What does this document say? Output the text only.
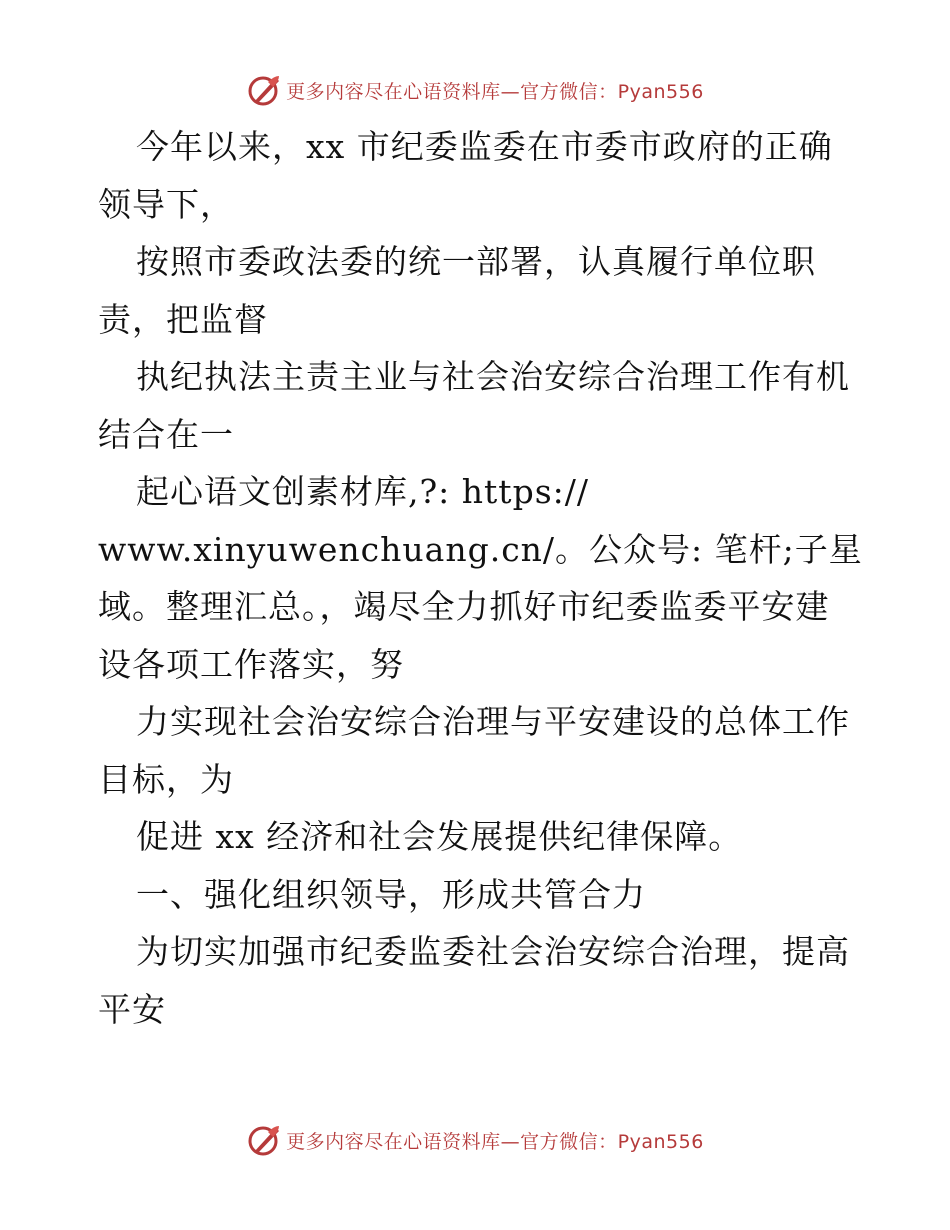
更多内容尽在心语资料库—官方微信：Pyan556
今年以来，xx 市纪委监委在市委市政府的正确
领导下，
按照市委政法委的统一部署，认真履行单位职
责，把监督
执纪执法主责主业与社会治安综合治理工作有机
结合在一
起心语文创素材库,?: https://
www.xinyuwenchuang.cn/。公众号: 笔杆;子星
域。整理汇总。，竭尽全力抓好市纪委监委平安建
设各项工作落实，努
力实现社会治安综合治理与平安建设的总体工作
目标，为
促进 xx 经济和社会发展提供纪律保障。
一、强化组织领导，形成共管合力
为切实加强市纪委监委社会治安综合治理，提高
平安
更多内容尽在心语资料库—官方微信：Pyan556
